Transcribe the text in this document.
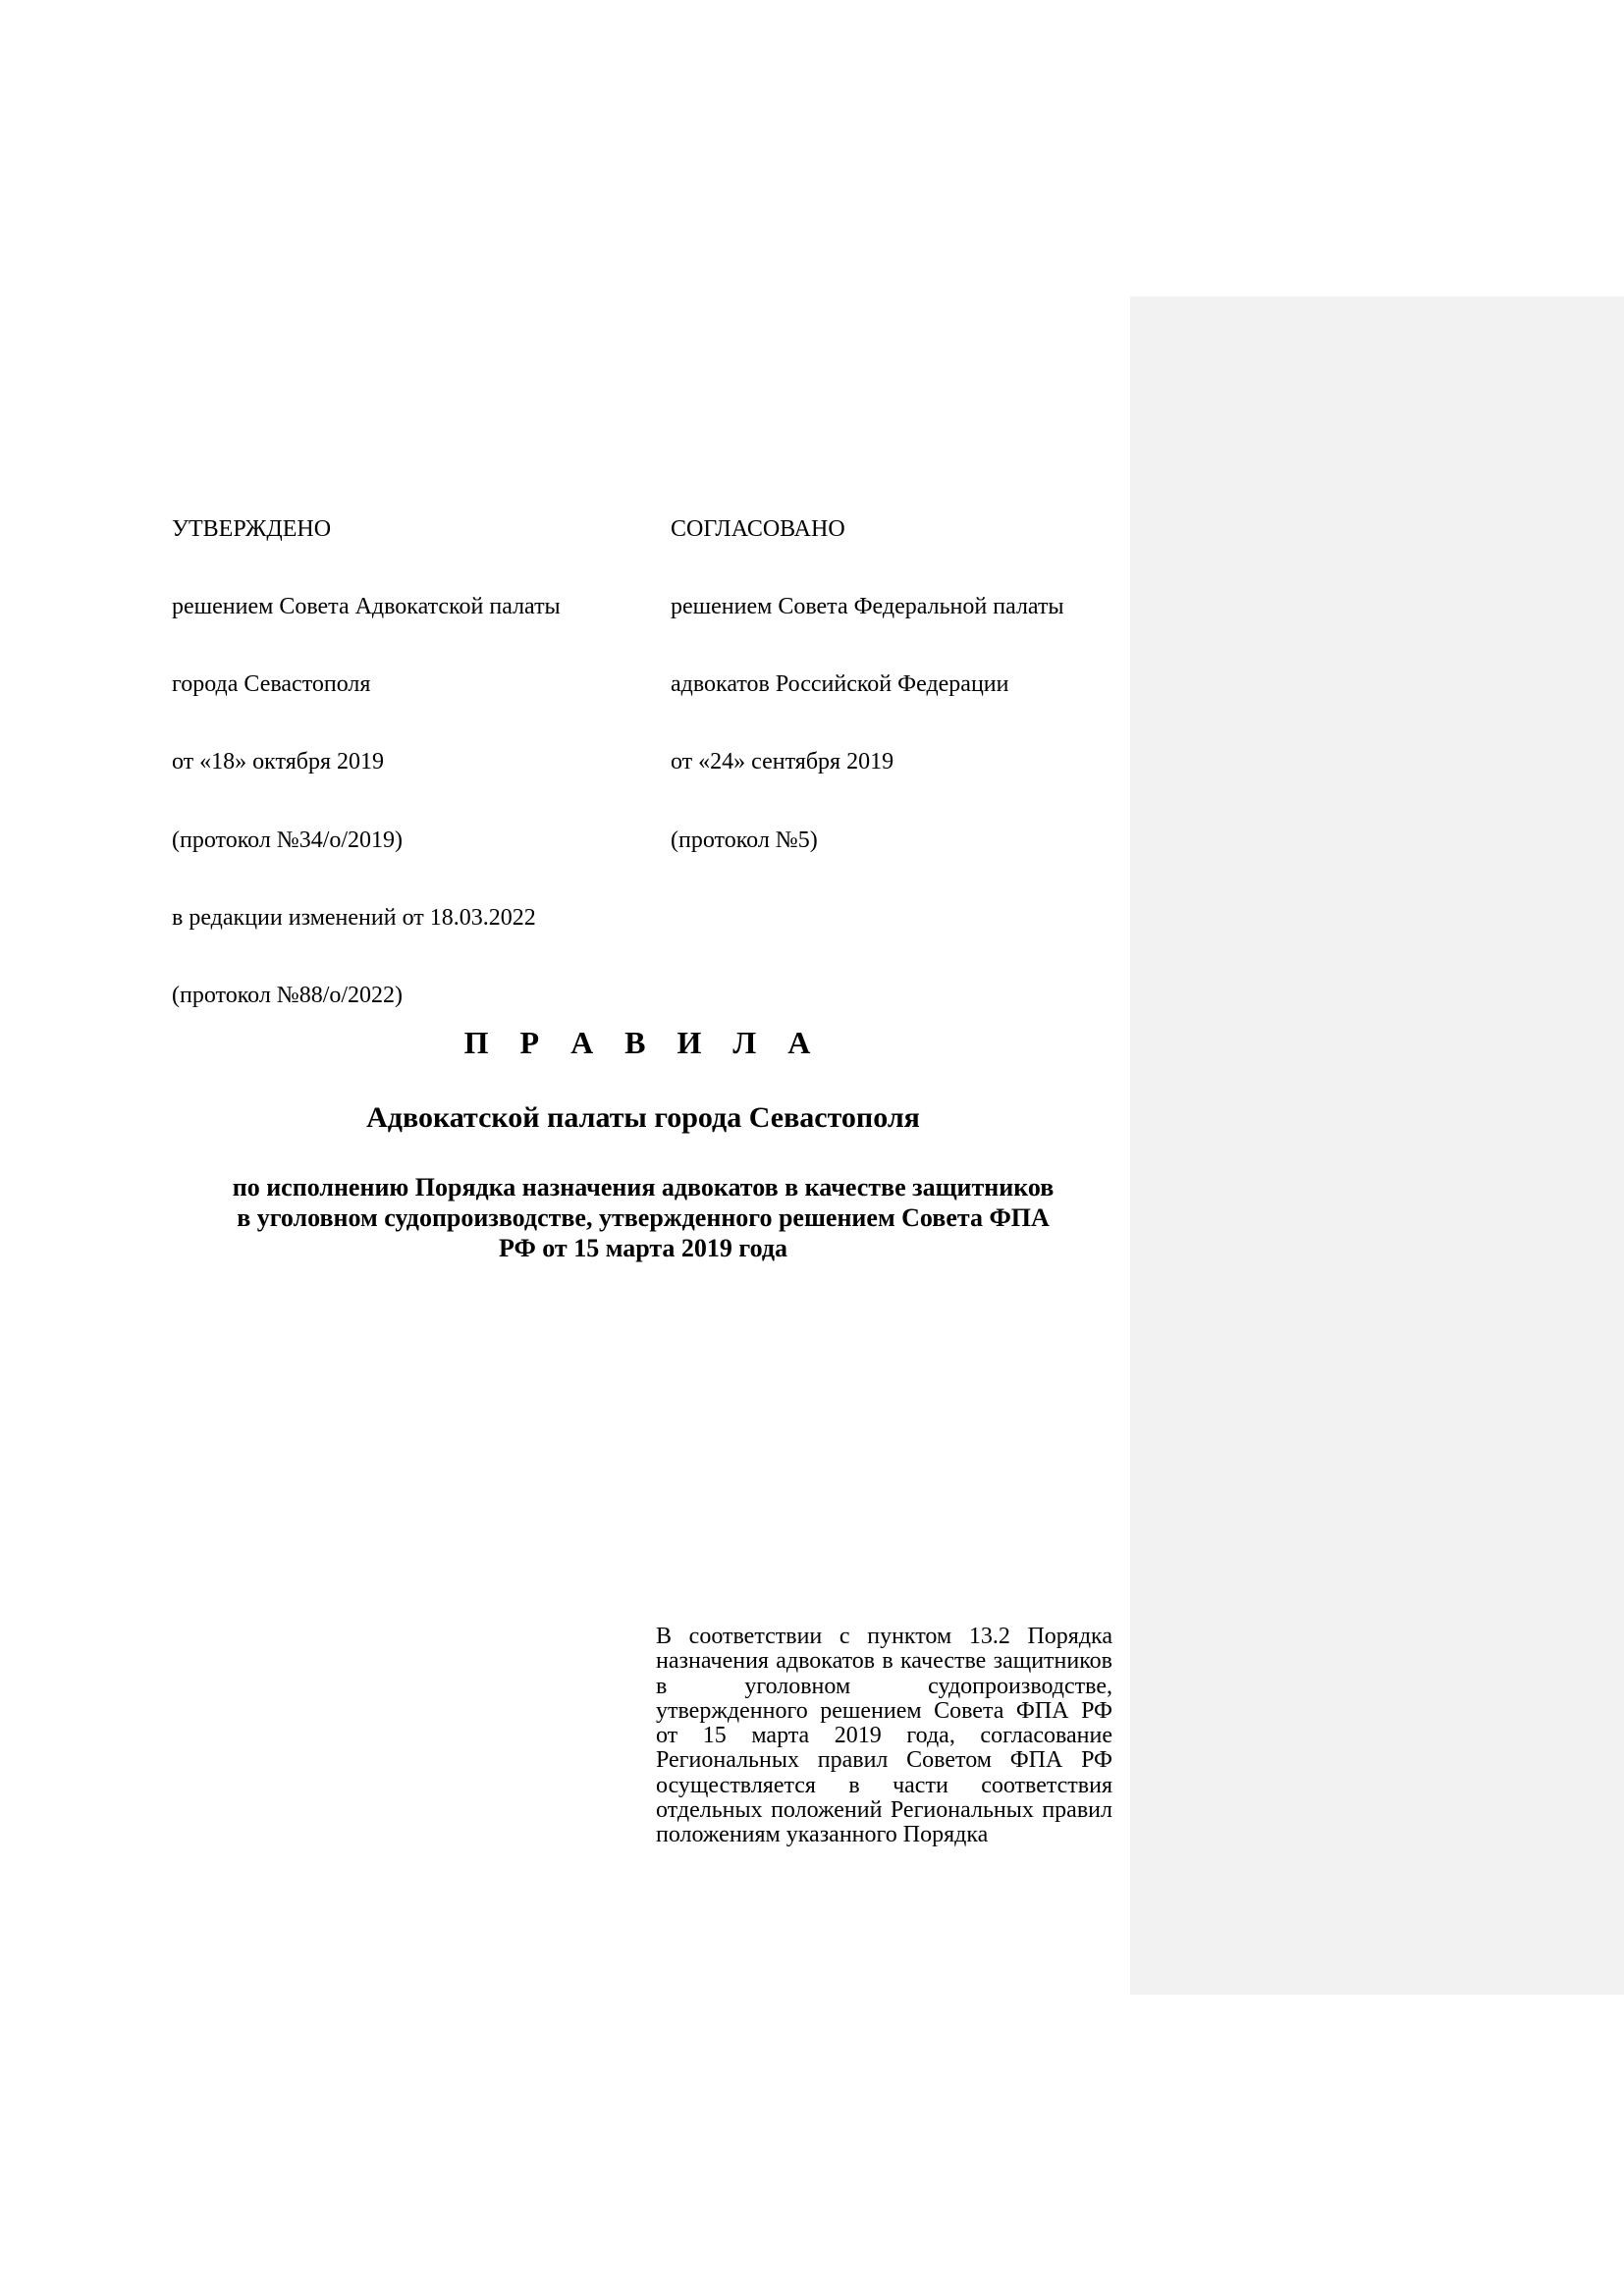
УТВЕРЖДЕНО

решением Совета Адвокатской палаты

города Севастополя

от «18» октября 2019

(протокол №34/о/2019)

в редакции изменений от 18.03.2022

(протокол №88/о/2022)

СОГЛАСОВАНО

решением Совета Федеральной палаты

адвокатов Российской Федерации

от «24» сентября 2019

(протокол №5)

П Р А В И Л А
Адвокатской палаты города Севастополя
по исполнению Порядка назначения адвокатов в качестве защитников
в уголовном судопроизводстве, утвержденного решением Совета ФПА
РФ от 15 марта 2019 года
В соответствии с пунктом 13.2 Порядка назначения адвокатов в качестве защитников в уголовном судопроизводстве, утвержденного решением Совета ФПА РФ от 15 марта 2019 года, согласование Региональных правил Советом ФПА РФ осуществляется в части соответствия отдельных положений Региональных правил положениям указанного Порядка
